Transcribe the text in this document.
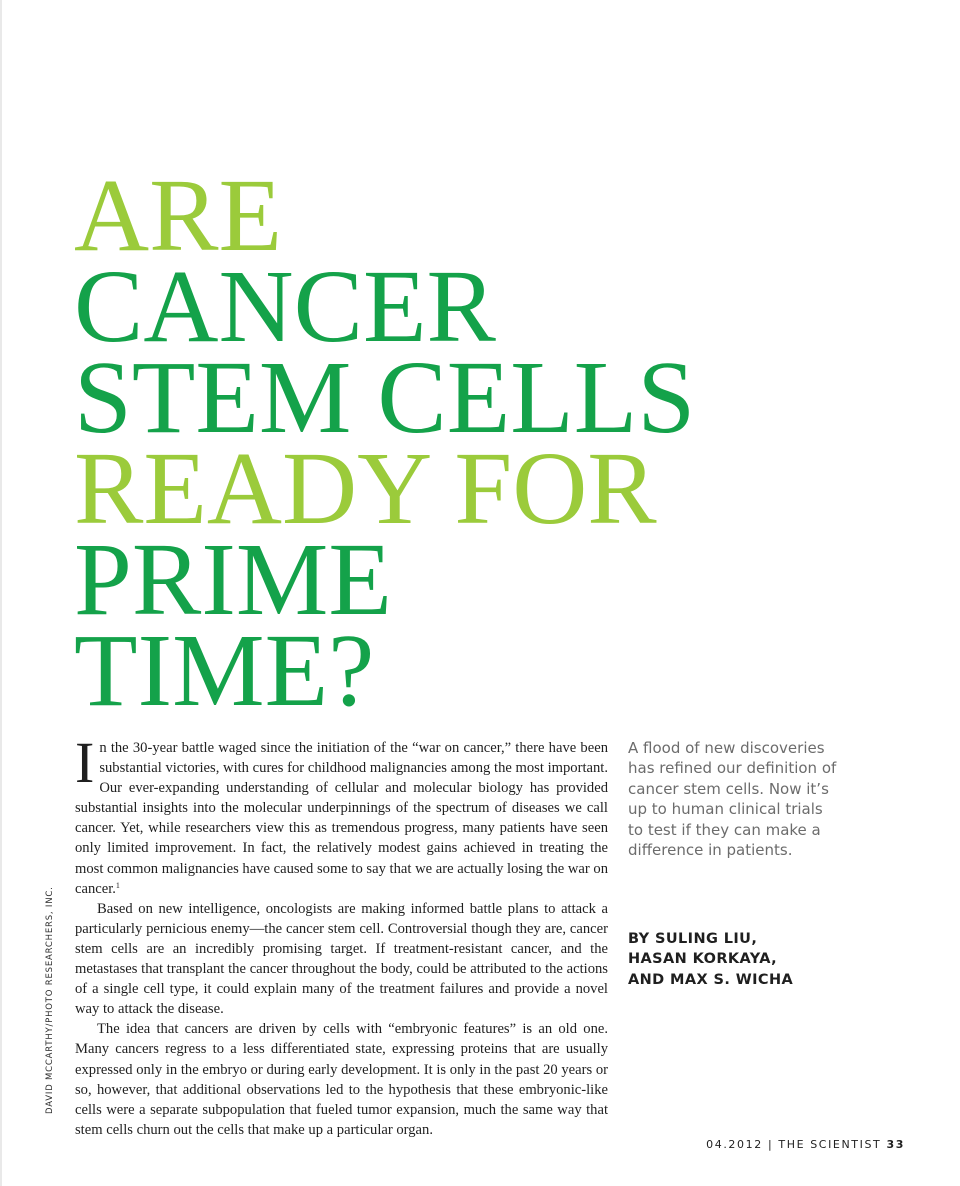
ARE
CANCER
STEM CELLS
READY FOR
PRIME
TIME?

In the 30-year battle waged since the initiation of the “war on cancer,” there have been substantial victories, with cures for childhood malignancies among the most important. Our ever-expanding understanding of cellular and molecular biology has provided substantial insights into the molecular underpinnings of the spectrum of diseases we call cancer. Yet, while researchers view this as tremendous progress, many patients have seen only limited improvement. In fact, the relatively modest gains achieved in treating the most common malignancies have caused some to say that we are actually losing the war on cancer.$^1$

Based on new intelligence, oncologists are making informed battle plans to attack a particularly pernicious enemy—the cancer stem cell. Controversial though they are, cancer stem cells are an incredibly promising target. If treatment-resistant cancer, and the metastases that transplant the cancer throughout the body, could be attributed to the actions of a single cell type, it could explain many of the treatment failures and provide a novel way to attack the disease.

The idea that cancers are driven by cells with “embryonic features” is an old one. Many cancers regress to a less differentiated state, expressing proteins that are usually expressed only in the embryo or during early development. It is only in the past 20 years or so, however, that additional observations led to the hypothesis that these embryonic-like cells were a separate subpopulation that fueled tumor expansion, much the same way that stem cells churn out the cells that make up a particular organ.

A flood of new discoveries has refined our definition of cancer stem cells. Now it’s up to human clinical trials to test if they can make a difference in patients.

BY SULING LIU,
HASAN KORKAYA,
AND MAX S. WICHA

DAVID MCCARTHY/PHOTO RESEARCHERS, INC.
04.2012 | THE SCIENTIST 33
